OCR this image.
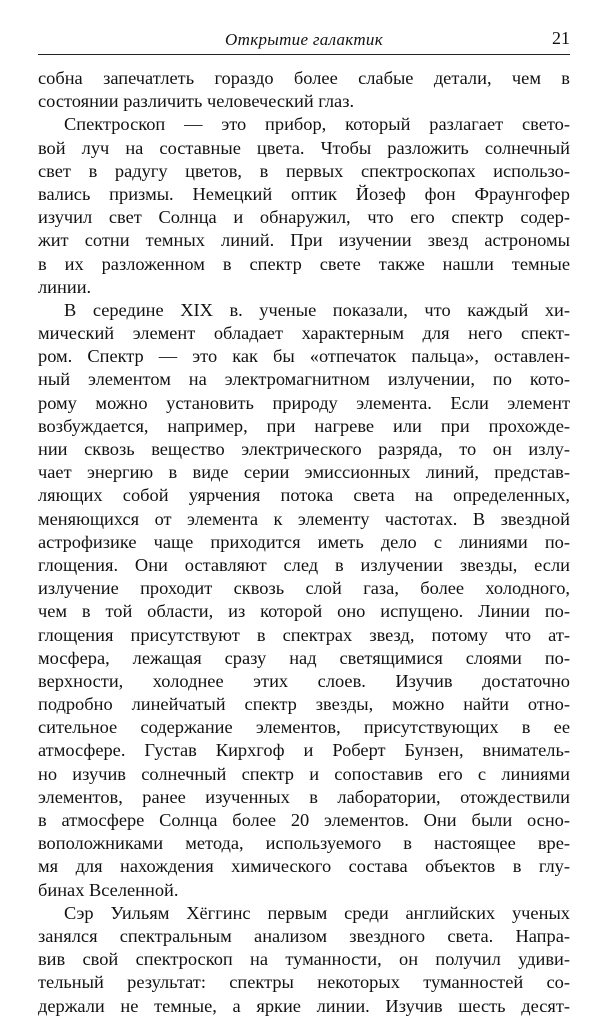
Открытие галактик	21
собна запечатлеть гораздо более слабые детали, чем в
состоянии различить человеческий глаз.
Спектроскоп — это прибор, который разлагает свето-
вой луч на составные цвета. Чтобы разложить солнечный
свет в радугу цветов, в первых спектроскопах использо-
вались призмы. Немецкий оптик Йозеф фон Фраунгофер
изучил свет Солнца и обнаружил, что его спектр содер-
жит сотни темных линий. При изучении звезд астрономы
в их разложенном в спектр свете также нашли темные
линии.
В середине XIX в. ученые показали, что каждый хи-
мический элемент обладает характерным для него спект-
ром. Спектр — это как бы «отпечаток пальца», оставлен-
ный элементом на электромагнитном излучении, по кото-
рому можно установить природу элемента. Если элемент
возбуждается, например, при нагреве или при прохожде-
нии сквозь вещество электрического разряда, то он излу-
чает энергию в виде серии эмиссионных линий, представ-
ляющих собой уярчения потока света на определенных,
меняющихся от элемента к элементу частотах. В звездной
астрофизике чаще приходится иметь дело с линиями по-
глощения. Они оставляют след в излучении звезды, если
излучение проходит сквозь слой газа, более холодного,
чем в той области, из которой оно испущено. Линии по-
глощения присутствуют в спектрах звезд, потому что ат-
мосфера, лежащая сразу над светящимися слоями по-
верхности, холоднее этих слоев. Изучив достаточно
подробно линейчатый спектр звезды, можно найти отно-
сительное содержание элементов, присутствующих в ее
атмосфере. Густав Кирхгоф и Роберт Бунзен, вниматель-
но изучив солнечный спектр и сопоставив его с линиями
элементов, ранее изученных в лаборатории, отождествили
в атмосфере Солнца более 20 элементов. Они были осно-
воположниками метода, используемого в настоящее вре-
мя для нахождения химического состава объектов в глу-
бинах Вселенной.
Сэр Уильям Хёггинс первым среди английских ученых
занялся спектральным анализом звездного света. Напра-
вив свой спектроскоп на туманности, он получил удиви-
тельный результат: спектры некоторых туманностей со-
держали не темные, а яркие линии. Изучив шесть десят-
